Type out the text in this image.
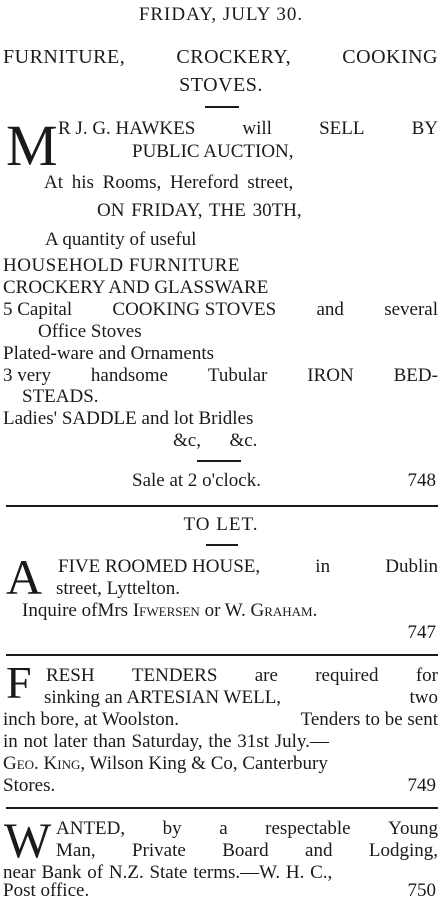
FRIDAY, JULY 30.
FURNITURE,	CROCKERY,	COOKING
STOVES.
M R J. G. HAWKES will SELL BY
PUBLIC AUCTION,
At his Rooms, Hereford street,
ON FRIDAY, THE 30TH,
A quantity of useful
HOUSEHOLD FURNITURE
CROCKERY AND GLASSWARE
5 Capital COOKING STOVES and several
Office Stoves
Plated-ware and Ornaments
3 very handsome Tubular IRON BED-
STEADS.
Ladies' SADDLE and lot Bridles
&c,      &c.
Sale at 2 o'clock.	748
TO LET.
A FIVE ROOMED HOUSE,	in	Dublin
street, Lyttelton.
Inquire ofMrs Ifwersen or W. Graham.
747
F RESH TENDERS are required for
sinking an ARTESIAN WELL,	two
inch bore, at Woolston.	Tenders to be sent
in not later than Saturday, the 31st July.—
Geo. King, Wilson King & Co, Canterbury
Stores.	749
W ANTED, by a respectable Young
Man, Private Board and Lodging,
near Bank of N.Z. State terms.—W. H. C.,
Post office.	750
